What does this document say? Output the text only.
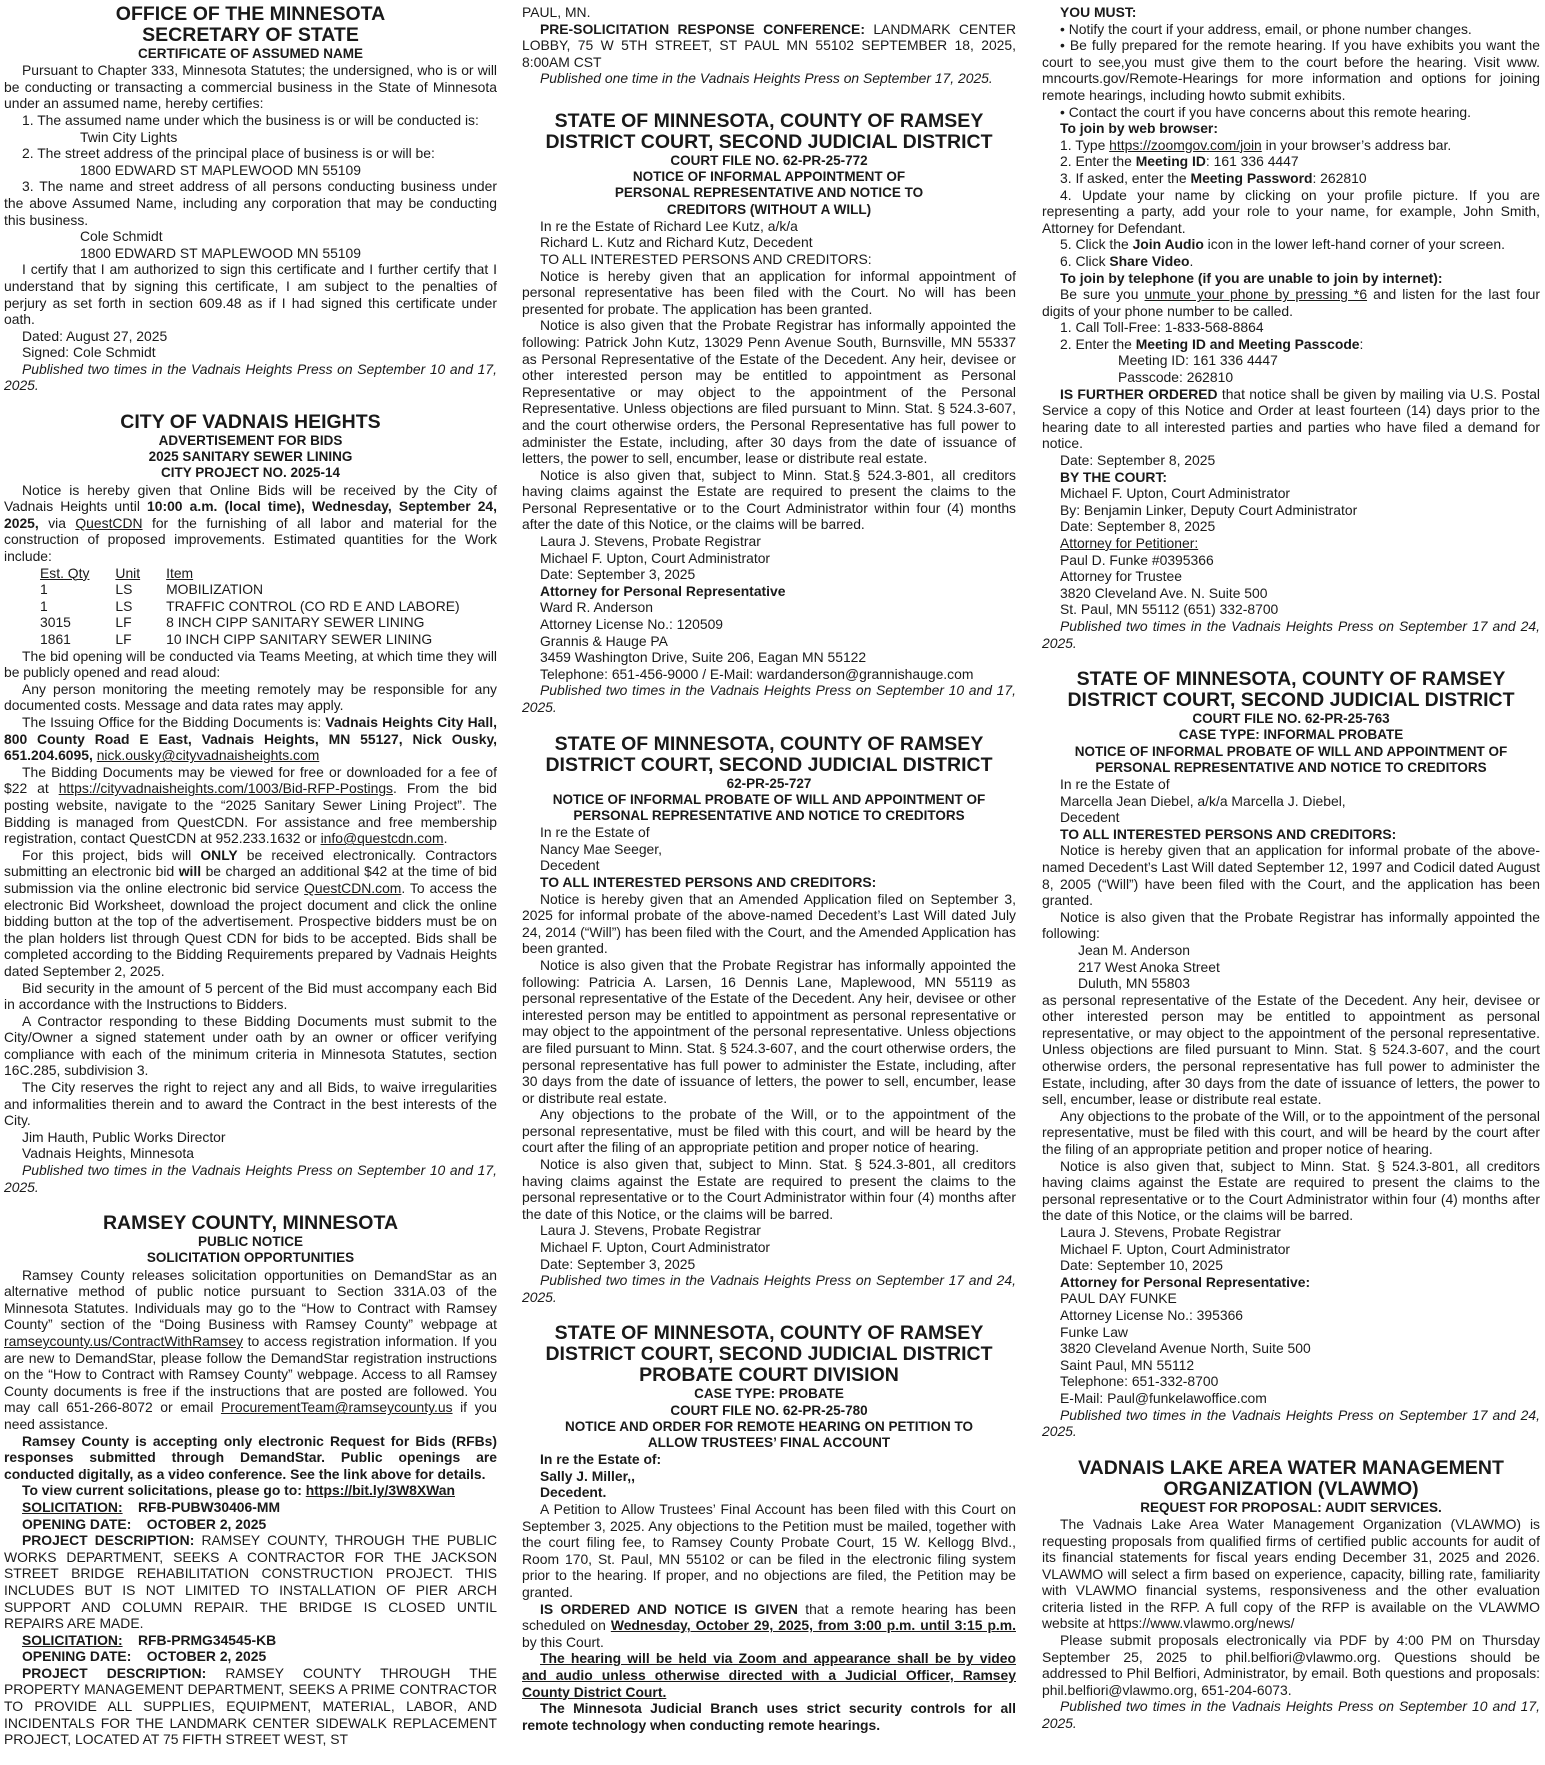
OFFICE OF THE MINNESOTA
SECRETARY OF STATE
CERTIFICATE OF ASSUMED NAME

Pursuant to Chapter 333, Minnesota Statutes; the undersigned, who is or will be conducting or transacting a commercial business in the State of Minnesota under an assumed name, hereby certifies:

1. The assumed name under which the business is or will be conducted is:

Twin City Lights

2. The street address of the principal place of business is or will be:

1800 EDWARD ST MAPLEWOOD MN 55109

3. The name and street address of all persons conducting business under the above Assumed Name, including any corporation that may be conducting this business.

Cole Schmidt

1800 EDWARD ST MAPLEWOOD MN 55109

I certify that I am authorized to sign this certificate and I further certify that I understand that by signing this certificate, I am subject to the penalties of perjury as set forth in section 609.48 as if I had signed this certificate under oath.

Dated: August 27, 2025

Signed: Cole Schmidt

Published two times in the Vadnais Heights Press on September 10 and 17, 2025.

CITY OF VADNAIS HEIGHTS
ADVERTISEMENT FOR BIDS
2025 SANITARY SEWER LINING
CITY PROJECT NO. 2025-14

Notice is hereby given that Online Bids will be received by the City of Vadnais Heights until 10:00 a.m. (local time), Wednesday, September 24, 2025, via QuestCDN for the furnishing of all labor and material for the construction of proposed improvements. Estimated quantities for the Work include:

Est. Qty	Unit	Item
1	LS	MOBILIZATION
1	LS	TRAFFIC CONTROL (CO RD E AND LABORE)
3015	LF	8 INCH CIPP SANITARY SEWER LINING
1861	LF	10 INCH CIPP SANITARY SEWER LINING

The bid opening will be conducted via Teams Meeting, at which time they will be publicly opened and read aloud:

Any person monitoring the meeting remotely may be responsible for any documented costs. Message and data rates may apply.

The Issuing Office for the Bidding Documents is: Vadnais Heights City Hall, 800 County Road E East, Vadnais Heights, MN 55127, Nick Ousky, 651.204.6095, nick.ousky@cityvadnaisheights.com

The Bidding Documents may be viewed for free or downloaded for a fee of $22 at https://cityvadnaisheights.com/1003/Bid-RFP-Postings. From the bid posting website, navigate to the “2025 Sanitary Sewer Lining Project”. The Bidding is managed from QuestCDN. For assistance and free membership registration, contact QuestCDN at 952.233.1632 or info@questcdn.com.

For this project, bids will ONLY be received electronically. Contractors submitting an electronic bid will be charged an additional $42 at the time of bid submission via the online electronic bid service QuestCDN.com. To access the electronic Bid Worksheet, download the project document and click the online bidding button at the top of the advertisement. Prospective bidders must be on the plan holders list through Quest CDN for bids to be accepted. Bids shall be completed according to the Bidding Requirements prepared by Vadnais Heights dated September 2, 2025.

Bid security in the amount of 5 percent of the Bid must accompany each Bid in accordance with the Instructions to Bidders.

A Contractor responding to these Bidding Documents must submit to the City/Owner a signed statement under oath by an owner or officer verifying compliance with each of the minimum criteria in Minnesota Statutes, section 16C.285, subdivision 3.

The City reserves the right to reject any and all Bids, to waive irregularities and informalities therein and to award the Contract in the best interests of the City.

Jim Hauth, Public Works Director

Vadnais Heights, Minnesota

Published two times in the Vadnais Heights Press on September 10 and 17, 2025.

RAMSEY COUNTY, MINNESOTA
PUBLIC NOTICE
SOLICITATION OPPORTUNITIES

Ramsey County releases solicitation opportunities on DemandStar as an alternative method of public notice pursuant to Section 331A.03 of the Minnesota Statutes. Individuals may go to the “How to Contract with Ramsey County” section of the “Doing Business with Ramsey County” webpage at ramseycounty.us/ContractWithRamsey to access registration information. If you are new to DemandStar, please follow the DemandStar registration instructions on the “How to Contract with Ramsey County” webpage. Access to all Ramsey County documents is free if the instructions that are posted are followed. You may call 651-266-8072 or email ProcurementTeam@ramseycounty.us if you need assistance.

Ramsey County is accepting only electronic Request for Bids (RFBs) responses submitted through DemandStar. Public openings are conducted digitally, as a video conference. See the link above for details.

To view current solicitations, please go to: https://bit.ly/3W8XWan

SOLICITATION: RFB-PUBW30406-MM

OPENING DATE: OCTOBER 2, 2025

PROJECT DESCRIPTION: RAMSEY COUNTY, THROUGH THE PUBLIC WORKS DEPARTMENT, SEEKS A CONTRACTOR FOR THE JACKSON STREET BRIDGE REHABILITATION CONSTRUCTION PROJECT. THIS INCLUDES BUT IS NOT LIMITED TO INSTALLATION OF PIER ARCH SUPPORT AND COLUMN REPAIR. THE BRIDGE IS CLOSED UNTIL REPAIRS ARE MADE.

SOLICITATION: RFB-PRMG34545-KB

OPENING DATE: OCTOBER 2, 2025

PROJECT DESCRIPTION: RAMSEY COUNTY THROUGH THE PROPERTY MANAGEMENT DEPARTMENT, SEEKS A PRIME CONTRACTOR TO PROVIDE ALL SUPPLIES, EQUIPMENT, MATERIAL, LABOR, AND INCIDENTALS FOR THE LANDMARK CENTER SIDEWALK REPLACEMENT PROJECT, LOCATED AT 75 FIFTH STREET WEST, ST

PAUL, MN.

PRE-SOLICITATION RESPONSE CONFERENCE: LANDMARK CENTER LOBBY, 75 W 5TH STREET, ST PAUL MN 55102 SEPTEMBER 18, 2025, 8:00AM CST

Published one time in the Vadnais Heights Press on September 17, 2025.

STATE OF MINNESOTA, COUNTY OF RAMSEY
DISTRICT COURT, SECOND JUDICIAL DISTRICT
COURT FILE NO. 62-PR-25-772
NOTICE OF INFORMAL APPOINTMENT OF
PERSONAL REPRESENTATIVE AND NOTICE TO
CREDITORS (WITHOUT A WILL)

In re the Estate of Richard Lee Kutz, a/k/a

Richard L. Kutz and Richard Kutz, Decedent

TO ALL INTERESTED PERSONS AND CREDITORS:

Notice is hereby given that an application for informal appointment of personal representative has been filed with the Court. No will has been presented for probate. The application has been granted.

Notice is also given that the Probate Registrar has informally appointed the following: Patrick John Kutz, 13029 Penn Avenue South, Burnsville, MN 55337 as Personal Representative of the Estate of the Decedent. Any heir, devisee or other interested person may be entitled to appointment as Personal Representative or may object to the appointment of the Personal Representative. Unless objections are filed pursuant to Minn. Stat. § 524.3-607, and the court otherwise orders, the Personal Representative has full power to administer the Estate, including, after 30 days from the date of issuance of letters, the power to sell, encumber, lease or distribute real estate.

Notice is also given that, subject to Minn. Stat.§ 524.3-801, all creditors having claims against the Estate are required to present the claims to the Personal Representative or to the Court Administrator within four (4) months after the date of this Notice, or the claims will be barred.

Laura J. Stevens, Probate Registrar

Michael F. Upton, Court Administrator

Date: September 3, 2025

Attorney for Personal Representative

Ward R. Anderson

Attorney License No.: 120509

Grannis & Hauge PA

3459 Washington Drive, Suite 206, Eagan MN 55122

Telephone: 651-456-9000 / E-Mail: wardanderson@grannishauge.com

Published two times in the Vadnais Heights Press on September 10 and 17, 2025.

STATE OF MINNESOTA, COUNTY OF RAMSEY
DISTRICT COURT, SECOND JUDICIAL DISTRICT
62-PR-25-727
NOTICE OF INFORMAL PROBATE OF WILL AND APPOINTMENT OF
PERSONAL REPRESENTATIVE AND NOTICE TO CREDITORS

In re the Estate of

Nancy Mae Seeger,

Decedent

TO ALL INTERESTED PERSONS AND CREDITORS:

Notice is hereby given that an Amended Application filed on September 3, 2025 for informal probate of the above-named Decedent’s Last Will dated July 24, 2014 (“Will”) has been filed with the Court, and the Amended Application has been granted.

Notice is also given that the Probate Registrar has informally appointed the following: Patricia A. Larsen, 16 Dennis Lane, Maplewood, MN 55119 as personal representative of the Estate of the Decedent. Any heir, devisee or other interested person may be entitled to appointment as personal representative or may object to the appointment of the personal representative. Unless objections are filed pursuant to Minn. Stat. § 524.3-607, and the court otherwise orders, the personal representative has full power to administer the Estate, including, after 30 days from the date of issuance of letters, the power to sell, encumber, lease or distribute real estate.

Any objections to the probate of the Will, or to the appointment of the personal representative, must be filed with this court, and will be heard by the court after the filing of an appropriate petition and proper notice of hearing.

Notice is also given that, subject to Minn. Stat. § 524.3-801, all creditors having claims against the Estate are required to present the claims to the personal representative or to the Court Administrator within four (4) months after the date of this Notice, or the claims will be barred.

Laura J. Stevens, Probate Registrar

Michael F. Upton, Court Administrator

Date: September 3, 2025

Published two times in the Vadnais Heights Press on September 17 and 24, 2025.

STATE OF MINNESOTA, COUNTY OF RAMSEY
DISTRICT COURT, SECOND JUDICIAL DISTRICT
PROBATE COURT DIVISION
CASE TYPE: PROBATE
COURT FILE NO. 62-PR-25-780
NOTICE AND ORDER FOR REMOTE HEARING ON PETITION TO
ALLOW TRUSTEES’ FINAL ACCOUNT

In re the Estate of:

Sally J. Miller,,

Decedent.

A Petition to Allow Trustees’ Final Account has been filed with this Court on September 3, 2025. Any objections to the Petition must be mailed, together with the court filing fee, to Ramsey County Probate Court, 15 W. Kellogg Blvd., Room 170, St. Paul, MN 55102 or can be filed in the electronic filing system prior to the hearing. If proper, and no objections are filed, the Petition may be granted.

IS ORDERED AND NOTICE IS GIVEN that a remote hearing has been scheduled on Wednesday, October 29, 2025, from 3:00 p.m. until 3:15 p.m. by this Court.

The hearing will be held via Zoom and appearance shall be by video and audio unless otherwise directed with a Judicial Officer, Ramsey County District Court.

The Minnesota Judicial Branch uses strict security controls for all remote technology when conducting remote hearings.

YOU MUST:

• Notify the court if your address, email, or phone number changes.

• Be fully prepared for the remote hearing. If you have exhibits you want the court to see,you must give them to the court before the hearing. Visit www. mncourts.gov/Remote-Hearings for more information and options for joining remote hearings, including howto submit exhibits.

• Contact the court if you have concerns about this remote hearing.

To join by web browser:

1. Type https://zoomgov.com/join in your browser’s address bar.

2. Enter the Meeting ID: 161 336 4447

3. If asked, enter the Meeting Password: 262810

4. Update your name by clicking on your profile picture. If you are representing a party, add your role to your name, for example, John Smith, Attorney for Defendant.

5. Click the Join Audio icon in the lower left-hand corner of your screen.

6. Click Share Video.

To join by telephone (if you are unable to join by internet):

Be sure you unmute your phone by pressing *6 and listen for the last four digits of your phone number to be called.

1. Call Toll-Free: 1-833-568-8864

2. Enter the Meeting ID and Meeting Passcode:

Meeting ID: 161 336 4447

Passcode: 262810

IS FURTHER ORDERED that notice shall be given by mailing via U.S. Postal Service a copy of this Notice and Order at least fourteen (14) days prior to the hearing date to all interested parties and parties who have filed a demand for notice.

Date: September 8, 2025

BY THE COURT:

Michael F. Upton, Court Administrator

By: Benjamin Linker, Deputy Court Administrator

Date: September 8, 2025

Attorney for Petitioner:

Paul D. Funke #0395366

Attorney for Trustee

3820 Cleveland Ave. N. Suite 500

St. Paul, MN 55112 (651) 332-8700

Published two times in the Vadnais Heights Press on September 17 and 24, 2025.

STATE OF MINNESOTA, COUNTY OF RAMSEY
DISTRICT COURT, SECOND JUDICIAL DISTRICT
COURT FILE NO. 62-PR-25-763
CASE TYPE: INFORMAL PROBATE
NOTICE OF INFORMAL PROBATE OF WILL AND APPOINTMENT OF
PERSONAL REPRESENTATIVE AND NOTICE TO CREDITORS

In re the Estate of

Marcella Jean Diebel, a/k/a Marcella J. Diebel,

Decedent

TO ALL INTERESTED PERSONS AND CREDITORS:

Notice is hereby given that an application for informal probate of the above-named Decedent’s Last Will dated September 12, 1997 and Codicil dated August 8, 2005 (“Will”) have been filed with the Court, and the application has been granted.

Notice is also given that the Probate Registrar has informally appointed the following:

Jean M. Anderson

217 West Anoka Street

Duluth, MN 55803

as personal representative of the Estate of the Decedent. Any heir, devisee or other interested person may be entitled to appointment as personal representative, or may object to the appointment of the personal representative. Unless objections are filed pursuant to Minn. Stat. § 524.3-607, and the court otherwise orders, the personal representative has full power to administer the Estate, including, after 30 days from the date of issuance of letters, the power to sell, encumber, lease or distribute real estate.

Any objections to the probate of the Will, or to the appointment of the personal representative, must be filed with this court, and will be heard by the court after the filing of an appropriate petition and proper notice of hearing.

Notice is also given that, subject to Minn. Stat. § 524.3-801, all creditors having claims against the Estate are required to present the claims to the personal representative or to the Court Administrator within four (4) months after the date of this Notice, or the claims will be barred.

Laura J. Stevens, Probate Registrar

Michael F. Upton, Court Administrator

Date: September 10, 2025

Attorney for Personal Representative:

PAUL DAY FUNKE

Attorney License No.: 395366

Funke Law

3820 Cleveland Avenue North, Suite 500

Saint Paul, MN 55112

Telephone: 651-332-8700

E-Mail: Paul@funkelawoffice.com

Published two times in the Vadnais Heights Press on September 17 and 24, 2025.

VADNAIS LAKE AREA WATER MANAGEMENT
ORGANIZATION (VLAWMO)
REQUEST FOR PROPOSAL: AUDIT SERVICES.

The Vadnais Lake Area Water Management Organization (VLAWMO) is requesting proposals from qualified firms of certified public accounts for audit of its financial statements for fiscal years ending December 31, 2025 and 2026. VLAWMO will select a firm based on experience, capacity, billing rate, familiarity with VLAWMO financial systems, responsiveness and the other evaluation criteria listed in the RFP. A full copy of the RFP is available on the VLAWMO website at https://www.vlawmo.org/news/

Please submit proposals electronically via PDF by 4:00 PM on Thursday September 25, 2025 to phil.belfiori@vlawmo.org. Questions should be addressed to Phil Belfiori, Administrator, by email. Both questions and proposals: phil.belfiori@vlawmo.org, 651-204-6073.

Published two times in the Vadnais Heights Press on September 10 and 17, 2025.
